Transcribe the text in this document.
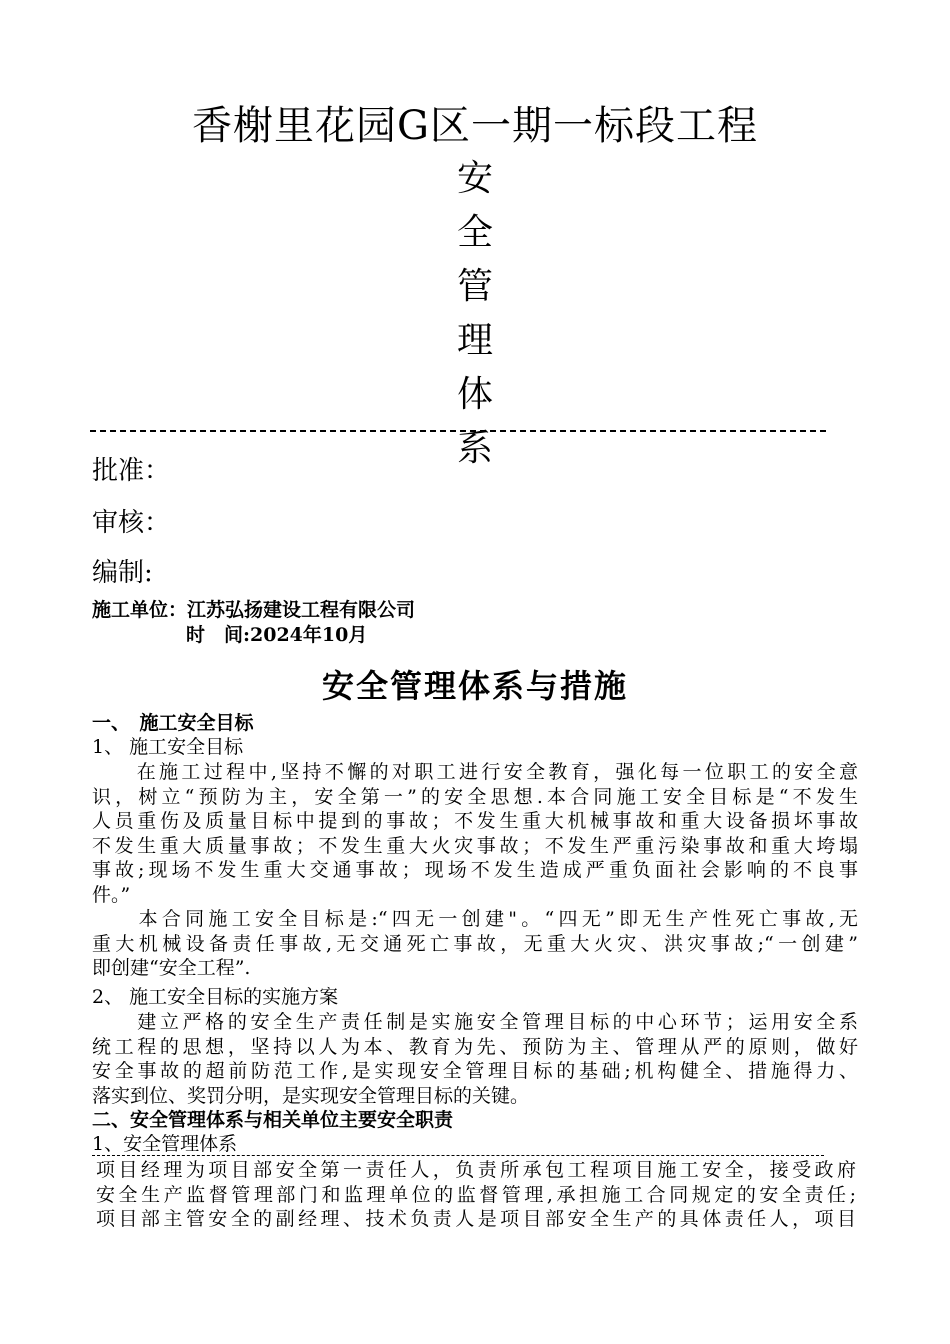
香榭里花园G区一期一标段工程
安
全
管
理
体
系
批准：
审核：
编制:
施工单位：江苏弘扬建设工程有限公司
时　间:2024年10月
安全管理体系与措施
一、　施工安全目标
1、 施工安全目标
　　在施工过程中,坚持不懈的对职工进行安全教育，强化每一位职工的安全意
识，树立“预防为主，安全第一”的安全思想.本合同施工安全目标是“不发生
人员重伤及质量目标中提到的事故；不发生重大机械事故和重大设备损坏事故
不发生重大质量事故；不发生重大火灾事故；不发生严重污染事故和重大垮塌
事故;现场不发生重大交通事故；现场不发生造成严重负面社会影响的不良事
件。”
　　本合同施工安全目标是:“四无一创建"。“四无”即无生产性死亡事故,无
重大机械设备责任事故,无交通死亡事故，无重大火灾、洪灾事故;“一创建”
即创建“安全工程”.
2、 施工安全目标的实施方案
　　建立严格的安全生产责任制是实施安全管理目标的中心环节；运用安全系
统工程的思想，坚持以人为本、教育为先、预防为主、管理从严的原则，做好
安全事故的超前防范工作,是实现安全管理目标的基础;机构健全、措施得力、
落实到位、奖罚分明，是实现安全管理目标的关键。
二、安全管理体系与相关单位主要安全职责
1、安全管理体系
项目经理为项目部安全第一责任人，负责所承包工程项目施工安全，接受政府
安全生产监督管理部门和监理单位的监督管理,承担施工合同规定的安全责任;
项目部主管安全的副经理、技术负责人是项目部安全生产的具体责任人，项目
